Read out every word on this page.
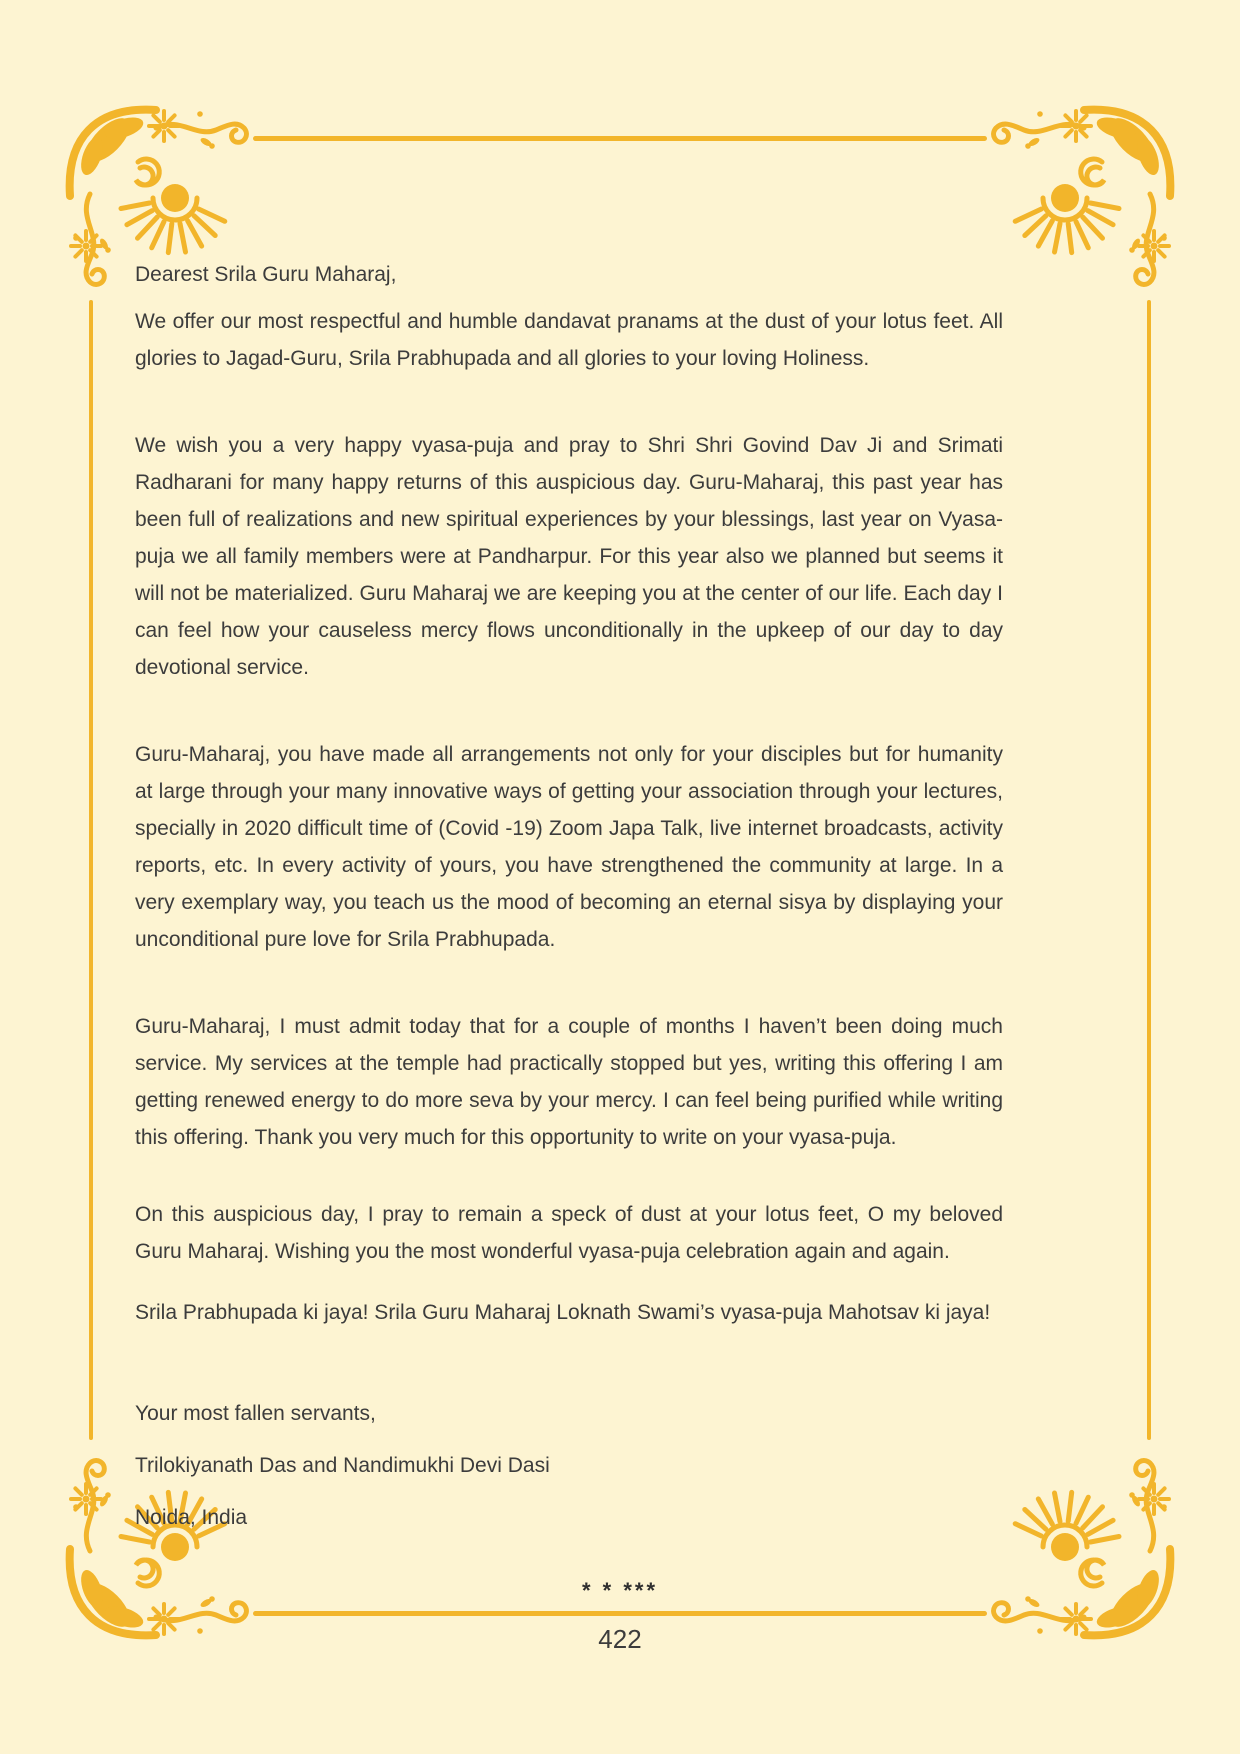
Dearest Srila Guru Maharaj,

We offer our most respectful and humble dandavat pranams at the dust of your lotus feet. All glories to Jagad-Guru, Srila Prabhupada and all glories to your loving Holiness.

We wish you a very happy vyasa-puja and pray to Shri Shri Govind Dav Ji and Srimati Radharani for many happy returns of this auspicious day. Guru-Maharaj, this past year has been full of realizations and new spiritual experiences by your blessings, last year on Vyasa-puja we all family members were at Pandharpur. For this year also we planned but seems it will not be materialized. Guru Maharaj we are keeping you at the center of our life. Each day I can feel how your causeless mercy flows unconditionally in the upkeep of our day to day devotional service.

Guru-Maharaj, you have made all arrangements not only for your disciples but for humanity at large through your many innovative ways of getting your association through your lectures, specially in 2020 difficult time of (Covid -19) Zoom Japa Talk, live internet broadcasts, activity reports, etc. In every activity of yours, you have strengthened the community at large. In a very exemplary way, you teach us the mood of becoming an eternal sisya by displaying your unconditional pure love for Srila Prabhupada.

Guru-Maharaj, I must admit today that for a couple of months I haven’t been doing much service. My services at the temple had practically stopped but yes, writing this offering I am getting renewed energy to do more seva by your mercy. I can feel being purified while writing this offering. Thank you very much for this opportunity to write on your vyasa-puja.

On this auspicious day, I pray to remain a speck of dust at your lotus feet, O my beloved Guru Maharaj. Wishing you the most wonderful vyasa-puja celebration again and again.

Srila Prabhupada ki jaya! Srila Guru Maharaj Loknath Swami’s vyasa-puja Mahotsav ki jaya!

Your most fallen servants,

Trilokiyanath Das and Nandimukhi Devi Dasi

Noida, India

* * ***
422
